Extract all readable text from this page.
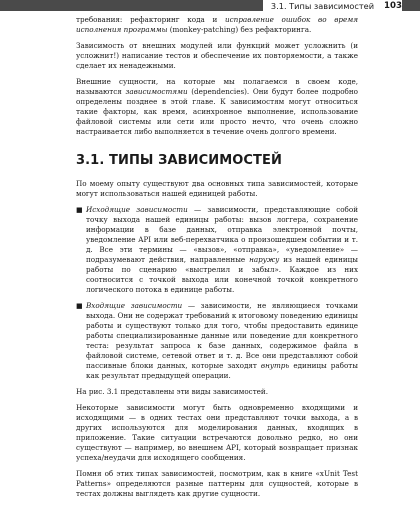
3.1. Типы зависимостей 103

требования: рефакторинг кода и исправление ошибок во время исполнения программы (monkey-patching) без рефакторинга.

Зависимость от внешних модулей или функций может усложнить (и усложнит!) написание тестов и обеспечение их повторяемости, а также сделает их ненадежными.

Внешние сущности, на которые мы полагаемся в своем коде, называются зависимостями (dependencies). Они будут более подробно определены позднее в этой главе. К зависимостям могут относиться такие факторы, как время, асинхронное выполнение, использование файловой системы или сети или просто нечто, что очень сложно настраивается либо выполняется в течение очень долгого времени.

3.1. ТИПЫ ЗАВИСИМОСТЕЙ

По моему опыту существуют два основных типа зависимостей, которые могут использоваться нашей единицей работы.

■ Исходящие зависимости — зависимости, представляющие собой точку выхода нашей единицы работы: вызов логгера, сохранение информации в базе данных, отправка электронной почты, уведомление API или веб-перехватчика о произошедшем событии и т. д. Все эти термины — «вызов», «отправка», «уведомление» — подразумевают действия, направленные наружу из нашей единицы работы по сценарию «выстрелил и забыл». Каждое из них соотносится с точкой выхода или конечной точкой конкретного логического потока в единице работы.
■ Входящие зависимости — зависимости, не являющиеся точками выхода. Они не содержат требований к итоговому поведению единицы работы и существуют только для того, чтобы предоставить единице работы специализированные данные или поведение для конкретного теста: результат запроса к базе данных, содержимое файла в файловой системе, сетевой ответ и т. д. Все они представляют собой пассивные блоки данных, которые заходят внутрь единицы работы как результат предыдущей операции.

На рис. 3.1 представлены эти виды зависимостей.

Некоторые зависимости могут быть одновременно входящими и исходящими — в одних тестах они представляют точки выхода, а в других используются для моделирования данных, входящих в приложение. Такие ситуации встречаются довольно редко, но они существуют — например, во внешнем API, который возвращает признак успеха/неудачи для исходящего сообщения.

Помня об этих типах зависимостей, посмотрим, как в книге «xUnit Test Patterns» определяются разные паттерны для сущностей, которые в тестах должны выглядеть как другие сущности.
